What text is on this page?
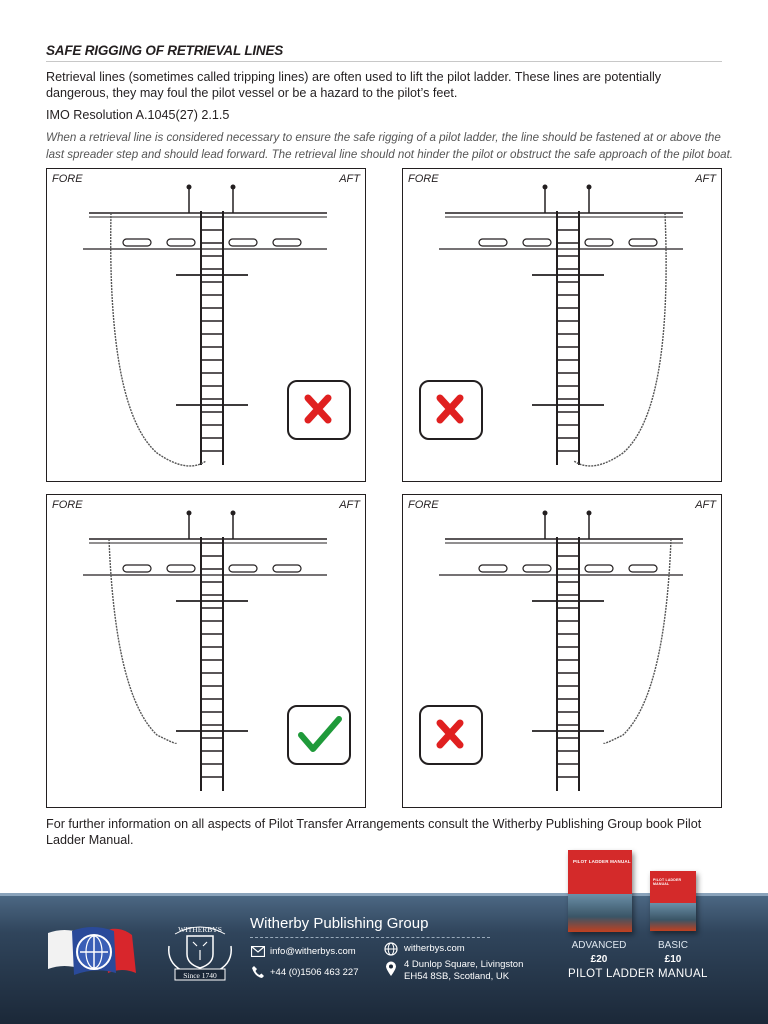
SAFE RIGGING OF RETRIEVAL LINES
Retrieval lines (sometimes called tripping lines) are often used to lift the pilot ladder. These lines are potentially dangerous, they may foul the pilot vessel or be a hazard to the pilot’s feet.
IMO Resolution A.1045(27) 2.1.5
When a retrieval line is considered necessary to ensure the safe rigging of a pilot ladder, the line should be fastened at or above the last spreader step and should lead forward. The retrieval line should not hinder the pilot or obstruct the safe approach of the pilot boat.
FORE	AFT	FORE	AFT
FORE	AFT	FORE	AFT
For further information on all aspects of Pilot Transfer Arrangements consult the Witherby Publishing Group book Pilot Ladder Manual.
WITHERBYS
Since 1740
Witherby Publishing Group
info@witherbys.com
+44 (0)1506 463 227
witherbys.com
4 Dunlop Square, Livingston
EH54 8SB, Scotland, UK
PILOT LADDER MANUAL
PILOT LADDER MANUAL
ADVANCED
£20
BASIC
£10
PILOT LADDER MANUAL
